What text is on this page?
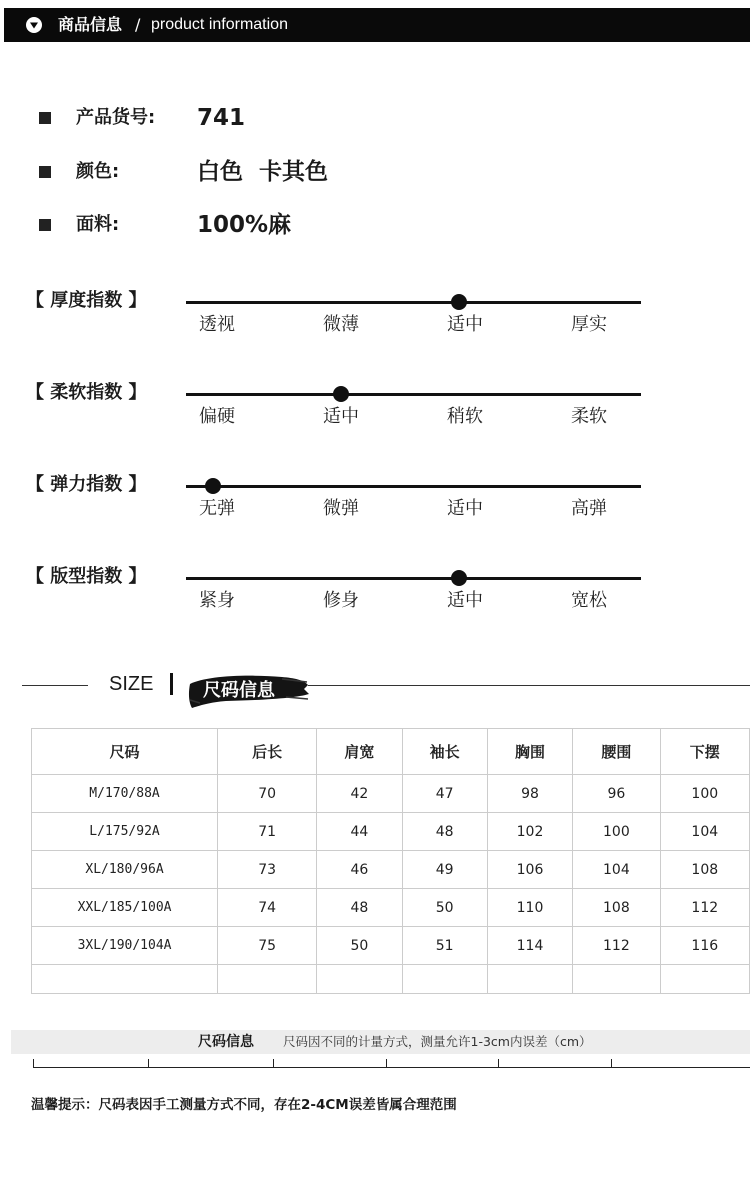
商品信息 / product information
产品货号: 741
颜色:	白色  卡其色
面料:	100%麻
【 厚度指数 】
透视	微薄	适中	厚实
【 柔软指数 】
偏硬	适中	稍软	柔软
【 弹力指数 】
无弹	微弹	适中	高弹
【 版型指数 】
紧身	修身	适中	宽松
SIZE	尺码信息
尺码	后长	肩宽	袖长	胸围	腰围	下摆
M/170/88A	70	42	47	98	96	100
L/175/92A	71	44	48	102	100	104
XL/180/96A	73	46	49	106	104	108
XXL/185/100A	74	48	50	110	108	112
3XL/190/104A	75	50	51	114	112	116

尺码信息 尺码因不同的计量方式，测量允许1-3cm内误差（cm）
温馨提示：尺码表因手工测量方式不同，存在2-4CM误差皆属合理范围
